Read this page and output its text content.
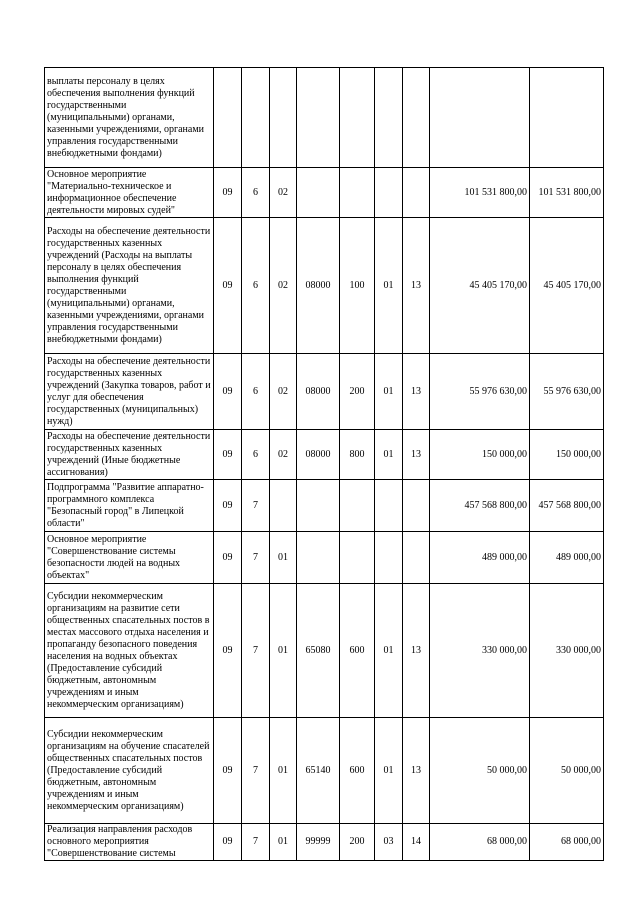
выплаты персоналу в целях обеспечения выполнения функций государственными (муниципальными) органами, казенными учреждениями, органами управления государственными внебюджетными фондами)									
Основное мероприятие "Материально-техническое и информационное обеспечение деятельности мировых судей"	09	6	02					101 531 800,00	101 531 800,00
Расходы на обеспечение деятельности государственных казенных учреждений (Расходы на выплаты персоналу в целях обеспечения выполнения функций государственными (муниципальными) органами, казенными учреждениями, органами управления государственными внебюджетными фондами)	09	6	02	08000	100	01	13	45 405 170,00	45 405 170,00
Расходы на обеспечение деятельности государственных казенных учреждений (Закупка товаров, работ и услуг для обеспечения государственных (муниципальных) нужд)	09	6	02	08000	200	01	13	55 976 630,00	55 976 630,00
Расходы на обеспечение деятельности государственных казенных учреждений (Иные бюджетные ассигнования)	09	6	02	08000	800	01	13	150 000,00	150 000,00
Подпрограмма "Развитие аппаратно-программного комплекса "Безопасный город" в Липецкой области"	09	7						457 568 800,00	457 568 800,00
Основное мероприятие "Совершенствование системы безопасности людей на водных объектах"	09	7	01					489 000,00	489 000,00
Субсидии некоммерческим организациям на развитие сети общественных спасательных постов в местах массового отдыха населения и пропаганду безопасного поведения населения на водных объектах (Предоставление субсидий бюджетным, автономным учреждениям и иным некоммерческим организациям)	09	7	01	65080	600	01	13	330 000,00	330 000,00
Субсидии некоммерческим организациям на обучение спасателей общественных спасательных постов (Предоставление субсидий бюджетным, автономным учреждениям и иным некоммерческим организациям)	09	7	01	65140	600	01	13	50 000,00	50 000,00
Реализация направления расходов основного мероприятия "Совершенствование системы	09	7	01	99999	200	03	14	68 000,00	68 000,00
